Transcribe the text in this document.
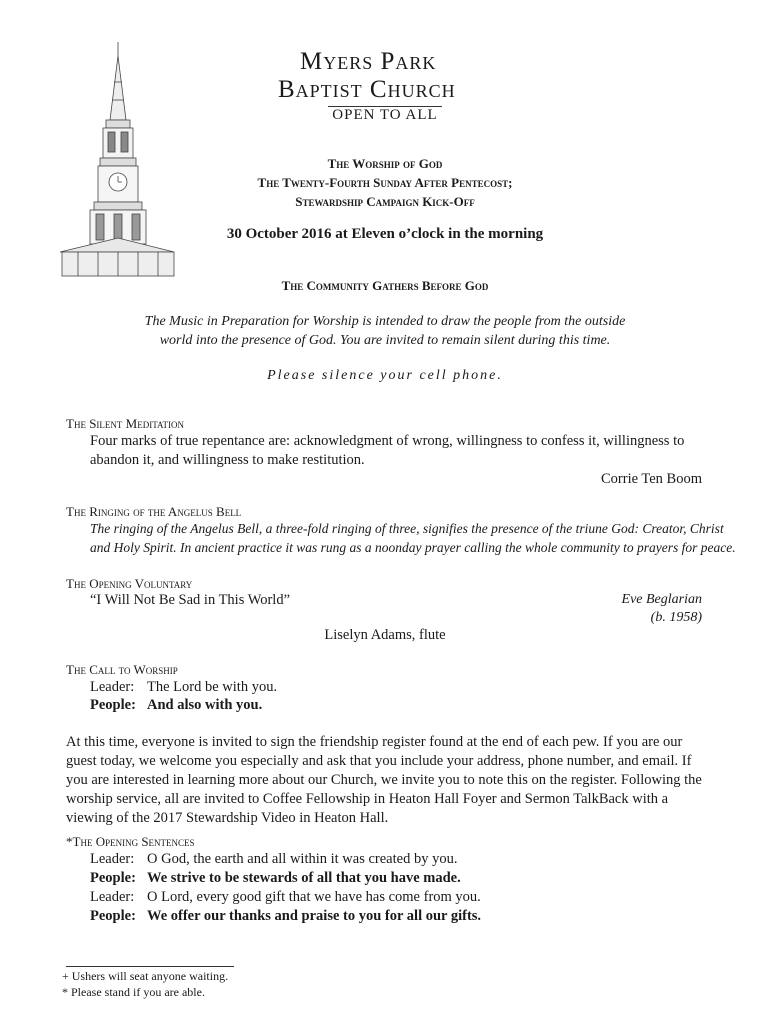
Myers Park
Baptist Church
OPEN TO ALL
The Worship of God
The Twenty-Fourth Sunday After Pentecost;
Stewardship Campaign Kick-Off
30 October 2016 at Eleven o’clock in the morning
The Community Gathers Before God
The Music in Preparation for Worship is intended to draw the people from the outside
world into the presence of God. You are invited to remain silent during this time.
Please silence your cell phone.
The Silent Meditation
Four marks of true repentance are: acknowledgment of wrong, willingness to confess it, willingness to
abandon it, and willingness to make restitution.
Corrie Ten Boom
The Ringing of the Angelus Bell
The ringing of the Angelus Bell, a three-fold ringing of three, signifies the presence of the triune God: Creator, Christ
and Holy Spirit. In ancient practice it was rung as a noonday prayer calling the whole community to prayers for peace.
The Opening Voluntary
“I Will Not Be Sad in This World”	Eve Beglarian
(b. 1958)
Liselyn Adams, flute
The Call to Worship
Leader: The Lord be with you.
People: And also with you.
At this time, everyone is invited to sign the friendship register found at the end of each pew. If you are our guest today, we welcome you especially and ask that you include your address, phone number, and email. If you are interested in learning more about our Church, we invite you to note this on the register. Following the worship service, all are invited to Coffee Fellowship in Heaton Hall Foyer and Sermon TalkBack with a viewing of the 2017 Stewardship Video in Heaton Hall.
*The Opening Sentences
Leader: O God, the earth and all within it was created by you.
People: We strive to be stewards of all that you have made.
Leader: O Lord, every good gift that we have has come from you.
People: We offer our thanks and praise to you for all our gifts.
+ Ushers will seat anyone waiting.
* Please stand if you are able.
